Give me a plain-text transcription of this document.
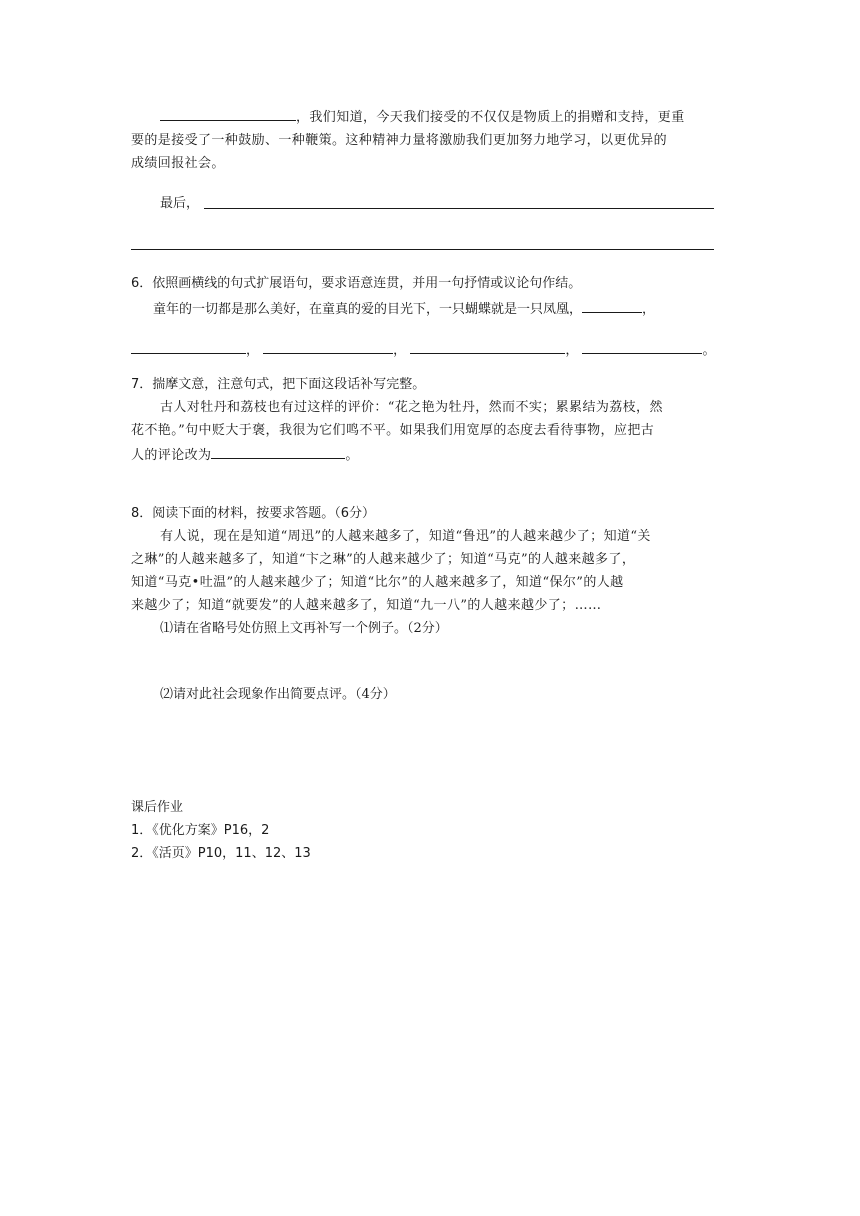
，我们知道，今天我们接受的不仅仅是物质上的捐赠和支持，更重
要的是接受了一种鼓励、一种鞭策。这种精神力量将激励我们更加努力地学习，以更优异的
成绩回报社会。
最后，
6．依照画横线的句式扩展语句，要求语意连贯，并用一句抒情或议论句作结。
童年的一切都是那么美好，在童真的爱的目光下，一只蝴蝶就是一只凤凰，	，
，	，	，	。
7．揣摩文意，注意句式，把下面这段话补写完整。
古人对牡丹和荔枝也有过这样的评价：“花之艳为牡丹，然而不实；累累结为荔枝，然
花不艳。”句中贬大于褒，我很为它们鸣不平。如果我们用宽厚的态度去看待事物，应把古
人的评论改为	。
8．阅读下面的材料，按要求答题。（6分）
有人说，现在是知道“周迅”的人越来越多了，知道“鲁迅”的人越来越少了；知道“关
之琳”的人越来越多了，知道“卞之琳”的人越来越少了；知道“马克”的人越来越多了，
知道“马克•吐温”的人越来越少了；知道“比尔”的人越来越多了，知道“保尔”的人越
来越少了；知道“就要发”的人越来越多了，知道“九一八”的人越来越少了；……
⑴请在省略号处仿照上文再补写一个例子。（2分）
⑵请对此社会现象作出简要点评。（4分）
课后作业
1．《优化方案》P16，2
2．《活页》P10，11、12、13
